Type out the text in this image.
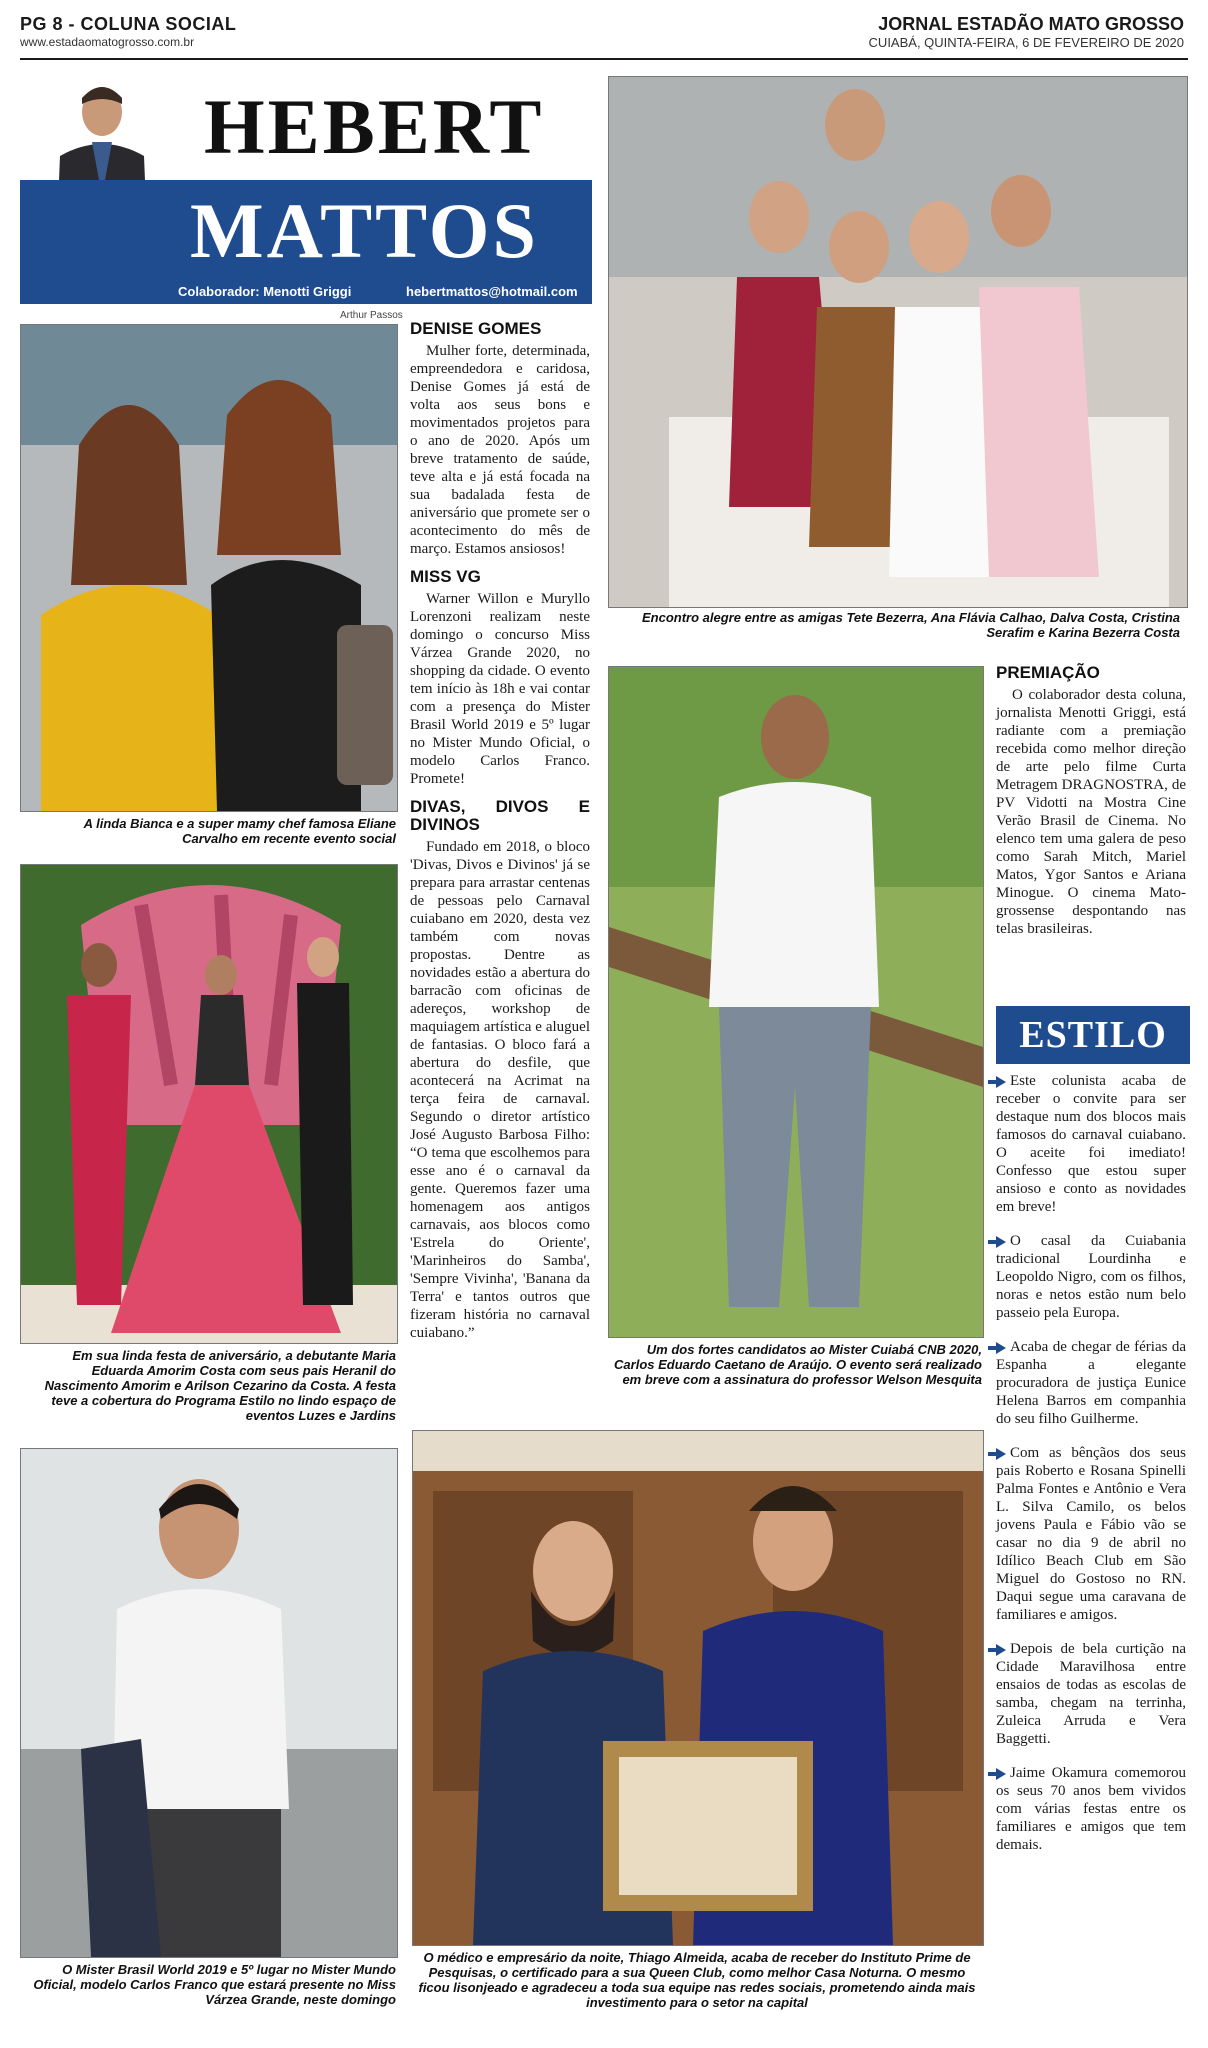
PG 8 - COLUNA SOCIAL
www.estadaomatogrosso.com.br
JORNAL ESTADÃO MATO GROSSO
CUIABÁ, QUINTA-FEIRA, 6 DE FEVEREIRO DE 2020
HEBERT
MATTOS
Colaborador: Menotti Griggi	hebertmattos@hotmail.com
Arthur Passos
A linda Bianca e a super mamy chef famosa Eliane Carvalho em recente evento social
Em sua linda festa de aniversário, a debutante Maria Eduarda Amorim Costa com seus pais Heranil do Nascimento Amorim e Arilson Cezarino da Costa. A festa teve a cobertura do Programa Estilo no lindo espaço de eventos Luzes e Jardins
O Mister Brasil World 2019 e 5º lugar no Mister Mundo Oficial, modelo Carlos Franco que estará presente no Miss Várzea Grande, neste domingo
DENISE GOMES

Mulher forte, determinada, empreendedora e caridosa, Denise Gomes já está de volta aos seus bons e movimentados projetos para o ano de 2020. Após um breve tratamento de saúde, teve alta e já está focada na sua badalada festa de aniversário que promete ser o acontecimento do mês de março. Estamos ansiosos!

MISS VG

Warner Willon e Muryllo Lorenzoni realizam neste domingo o concurso Miss Várzea Grande 2020, no shopping da cidade. O evento tem início às 18h e vai contar com a presença do Mister Brasil World 2019 e 5º lugar no Mister Mundo Oficial, o modelo Carlos Franco. Promete!

DIVAS, DIVOS E DIVINOS

Fundado em 2018, o bloco 'Divas, Divos e Divinos' já se prepara para arrastar centenas de pessoas pelo Carnaval cuiabano em 2020, desta vez também com novas propostas. Dentre as novidades estão a abertura do barracão com oficinas de adereços, workshop de maquiagem artística e aluguel de fantasias. O bloco fará a abertura do desfile, que acontecerá na Acrimat na terça feira de carnaval. Segundo o diretor artístico José Augusto Barbosa Filho: “O tema que escolhemos para esse ano é o carnaval da gente. Queremos fazer uma homenagem aos antigos carnavais, aos blocos como 'Estrela do Oriente', 'Marinheiros do Samba', 'Sempre Vivinha', 'Banana da Terra' e tantos outros que fizeram história no carnaval cuiabano.”

Encontro alegre entre as amigas Tete Bezerra, Ana Flávia Calhao, Dalva Costa, Cristina Serafim e Karina Bezerra Costa
Um dos fortes candidatos ao Mister Cuiabá CNB 2020, Carlos Eduardo Caetano de Araújo. O evento será realizado em breve com a assinatura do professor Welson Mesquita
O médico e empresário da noite, Thiago Almeida, acaba de receber do Instituto Prime de Pesquisas, o certificado para a sua Queen Club, como melhor Casa Noturna. O mesmo ficou lisonjeado e agradeceu a toda sua equipe nas redes sociais, prometendo ainda mais investimento para o setor na capital
PREMIAÇÃO

O colaborador desta coluna, jornalista Menotti Griggi, está radiante com a premiação recebida como melhor direção de arte pelo filme Curta Metragem DRAGNOSTRA, de PV Vidotti na Mostra Cine Verão Brasil de Cinema. No elenco tem uma galera de peso como Sarah Mitch, Mariel Matos, Ygor Santos e Ariana Minogue. O cinema Mato-grossense despontando nas telas brasileiras.

ESTILO
Este colunista acaba de receber o convite para ser destaque num dos blocos mais famosos do carnaval cuiabano. O aceite foi imediato! Confesso que estou super ansioso e conto as novidades em breve!
O casal da Cuiabania tradicional Lourdinha e Leopoldo Nigro, com os filhos, noras e netos estão num belo passeio pela Europa.
Acaba de chegar de férias da Espanha a elegante procuradora de justiça Eunice Helena Barros em companhia do seu filho Guilherme.
Com as bênçãos dos seus pais Roberto e Rosana Spinelli Palma Fontes e Antônio e Vera L. Silva Camilo, os belos jovens Paula e Fábio vão se casar no dia 9 de abril no Idílico Beach Club em São Miguel do Gostoso no RN. Daqui segue uma caravana de familiares e amigos.
Depois de bela curtição na Cidade Maravilhosa entre ensaios de todas as escolas de samba, chegam na terrinha, Zuleica Arruda e Vera Baggetti.
Jaime Okamura comemorou os seus 70 anos bem vividos com várias festas entre os familiares e amigos que tem demais.
